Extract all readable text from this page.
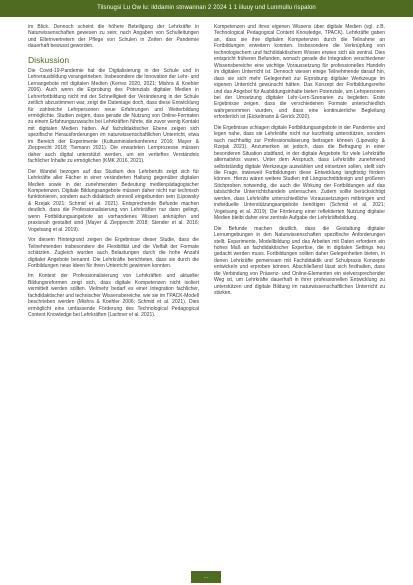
Tilsnugsi Lu Ow lu: ilddamin stnwannan 2 2024 1 1 iiluuy und Lunmullu rispalon

im Blick. Dennoch scheint die höhere Beteiligung der Lehrkräfte in Naturwissenschaften gewesen zu sein; nach Angaben von Schulleitungen und Elternvertretern der Pflege von Schulen in Zeiten der Pandemie dauerhaft bewusst geworden.

Diskussion

Die Covid-19-Pandemie hat die Digitalisierung in der Schule und in Lehrerausbildung vorangetrieben. Insbesondere die Innovation der Lehr- und Lernangebote mit digitalen Medien (Kerres 2020, 2021; Mishra & Koehler 2006). Auch wenn die Erprobung des Potenzials digitaler Medien in Lehrerfortbildung nicht mit der Schnelligkeit der Veränderung in der Schule zeitlich abzustimmen war, zeigt die Datenlage doch, dass diese Entwicklung für zahlreiche Lehrpersonen neue Erfahrungen und Weiterbildung ermöglichte. Studien zeigen, dass gerade die Nutzung von Online-Formaten zu einem Erfahrungszuwachs bei Lehrkräften führte, die zuvor wenig Kontakt mit digitalen Medien hatten. Auf fachdidaktischer Ebene zeigen sich spezifische Herausforderungen im naturwissenschaftlichen Unterricht, etwa im Bereich der Experimente (Kultusministerkonferenz 2016; Mayer & Ziepprecht 2018; Tiemann 2021). Die erwarteten Lernprozesse müssen daher auch digital unterstützt werden, um ein vertieftes Verständnis fachlicher Inhalte zu ermöglichen (KMK 2016, 2021).

Der Wandel bezogen auf das Studium des Lehrberufs zeigt sich für Lehrkräfte aller Fächer in einer veränderten Haltung gegenüber digitalen Medien sowie in der zunehmenden Bedeutung medienpädagogischer Kompetenzen. Digitale Bildungsangebote müssen daher nicht nur technisch funktionieren, sondern auch didaktisch sinnvoll eingebunden sein (Lipowsky & Rzejak 2021; Schmid et al. 2021). Entsprechende Befunde machen deutlich, dass die Professionalisierung von Lehrkräften nur dann gelingt, wenn Fortbildungsangebote an vorhandenes Wissen anknüpfen und praxisnah gestaltet sind (Mayer & Ziepprecht 2018; Stender et al. 2016; Vogelsang et al. 2019).

Vor diesem Hintergrund zeigen die Ergebnisse dieser Studie, dass die Teilnehmenden insbesondere die Flexibilität und die Vielfalt der Formate schätzten. Zugleich wurden auch Belastungen durch die hohe Anzahl digitaler Angebote benannt. Die Lehrkräfte berichteten, dass sie durch die Fortbildungen neue Ideen für ihren Unterricht gewinnen konnten.

Im Kontext der Professionalisierung von Lehrkräften und aktueller Bildungsreformen zeigt sich, dass digitale Kompetenzen nicht isoliert vermittelt werden sollten. Vielmehr bedarf es einer Integration fachlicher, fachdidaktischer und technischer Wissensbereiche, wie sie im TPACK-Modell beschrieben werden (Mishra & Koehler 2006; Schmid et al. 2021). Dies ermöglicht eine umfassende Förderung des Technological Pedagogical Content Knowledge bei Lehrkräften (Lachner et al. 2021).

Kompetenzen und ihres eigenen Wissens über digitale Medien (vgl. z.B. Technological Pedagogical Content Knowledge, TPACK). Lehrkräfte gaben an, dass sie ihre digitalen Kompetenzen durch die Teilnahme an Fortbildungen erweitern konnten. Insbesondere die Verknüpfung von technologischem und fachdidaktischem Wissen erwies sich als zentral. Dies entspricht früheren Befunden, wonach gerade die Integration verschiedener Wissensbereiche eine wichtige Voraussetzung für professionelles Handeln im digitalen Unterricht ist. Dennoch wiesen einige Teilnehmende darauf hin, dass sie sich mehr Gelegenheit zur Erprobung digitaler Werkzeuge im eigenen Unterricht gewünscht hätten. Das Konzept der Fortbildungsreihe und das Angebot für Ausbildungsinhalte bieten Potenziale, um Lehrpersonen bei der Umsetzung digitaler Lehr-Lern-Szenarien zu begleiten. Erste Ergebnisse zeigen, dass die verschiedenen Formate unterschiedlich wahrgenommen wurden, und dass eine kontinuierliche Begleitung erforderlich ist (Eickelmann & Gerick 2020).

Die Ergebnisse schlagen digitale Fortbildungsangebote in der Pandemie und legen nahe, dass sie Lehrkräfte nicht nur kurzfristig unterstützen, sondern auch nachhaltig zur Professionalisierung beitragen können (Lipowsky & Rzejak 2021). Anzumerken ist jedoch, dass die Befragung in einer besonderen Situation stattfand, in der digitale Angebote für viele Lehrkräfte alternativlos waren. Unter dem Anspruch, dass Lehrkräfte zunehmend selbstständig digitale Werkzeuge auswählen und einsetzen sollen, stellt sich die Frage, inwieweit Fortbildungen diese Entwicklung langfristig fördern können. Hierzu wären weitere Studien mit Längsschnittdesign und größeren Stichproben notwendig, die auch die Wirkung der Fortbildungen auf das tatsächliche Unterrichtshandeln untersuchen. Zudem sollte berücksichtigt werden, dass Lehrkräfte unterschiedliche Voraussetzungen mitbringen und individuelle Unterstützungsangebote benötigen (Schmid et al. 2021; Vogelsang et al. 2019). Die Förderung einer reflektierten Nutzung digitaler Medien bleibt daher eine zentrale Aufgabe der Lehrkräftebildung.

Die Befunde machen deutlich, dass die Gestaltung digitaler Lernumgebungen in den Naturwissenschaften spezifische Anforderungen stellt. Experimente, Modellbildung und das Arbeiten mit Daten erfordern ein hohes Maß an fachdidaktischer Expertise, die in digitalen Settings neu gedacht werden muss. Fortbildungen sollten daher Gelegenheiten bieten, in denen Lehrkräfte gemeinsam mit Fachdidaktik und Schulpraxis Konzepte entwickeln und erproben können. Abschließend lässt sich festhalten, dass die Verbindung von Präsenz- und Online-Elementen ein vielversprechender Weg ist, um Lehrkräfte dauerhaft in ihrer professionellen Entwicklung zu unterstützen und digitale Bildung im naturwissenschaftlichen Unterricht zu stärken.

...
